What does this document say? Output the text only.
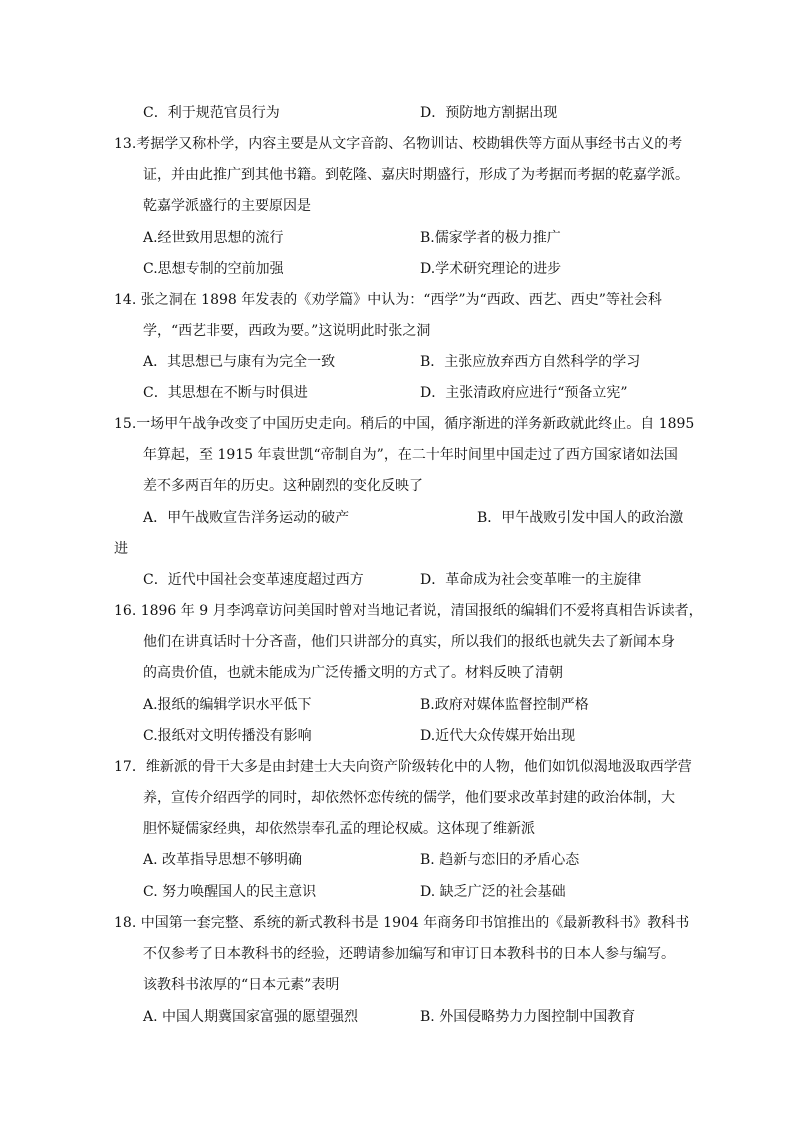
C．利于规范官员行为	D．预防地方割据出现
13.考据学又称朴学，内容主要是从文字音韵、名物训诂、校勘辑佚等方面从事经书古义的考
证，并由此推广到其他书籍。到乾隆、嘉庆时期盛行，形成了为考据而考据的乾嘉学派。
乾嘉学派盛行的主要原因是
A.经世致用思想的流行	B.儒家学者的极力推广
C.思想专制的空前加强	D.学术研究理论的进步
14. 张之洞在 1898 年发表的《劝学篇》中认为：“西学”为“西政、西艺、西史”等社会科
学，“西艺非要，西政为要。”这说明此时张之洞
A．其思想已与康有为完全一致	B．主张应放弃西方自然科学的学习
C．其思想在不断与时俱进	D．主张清政府应进行“预备立宪”
15.一场甲午战争改变了中国历史走向。稍后的中国，循序渐进的洋务新政就此终止。自 1895
年算起，至 1915 年袁世凯“帝制自为”，在二十年时间里中国走过了西方国家诸如法国
差不多两百年的历史。这种剧烈的变化反映了
A．甲午战败宣告洋务运动的破产	B．甲午战败引发中国人的政治激
进
C．近代中国社会变革速度超过西方	D．革命成为社会变革唯一的主旋律
16. 1896 年 9 月李鸿章访问美国时曾对当地记者说，清国报纸的编辑们不爱将真相告诉读者，
他们在讲真话时十分吝啬，他们只讲部分的真实，所以我们的报纸也就失去了新闻本身
的高贵价值，也就未能成为广泛传播文明的方式了。材料反映了清朝
A.报纸的编辑学识水平低下	B.政府对媒体监督控制严格
C.报纸对文明传播没有影响	D.近代大众传媒开始出现
17．维新派的骨干大多是由封建士大夫向资产阶级转化中的人物，他们如饥似渴地汲取西学营
养，宣传介绍西学的同时，却依然怀恋传统的儒学，他们要求改革封建的政治体制，大
胆怀疑儒家经典，却依然崇奉孔孟的理论权威。这体现了维新派
A. 改革指导思想不够明确	B. 趋新与恋旧的矛盾心态
C. 努力唤醒国人的民主意识	D. 缺乏广泛的社会基础
18. 中国第一套完整、系统的新式教科书是 1904 年商务印书馆推出的《最新教科书》教科书
不仅参考了日本教科书的经验，还聘请参加编写和审订日本教科书的日本人参与编写。
该教科书浓厚的“日本元素”表明
A. 中国人期冀国家富强的愿望强烈	B. 外国侵略势力力图控制中国教育
